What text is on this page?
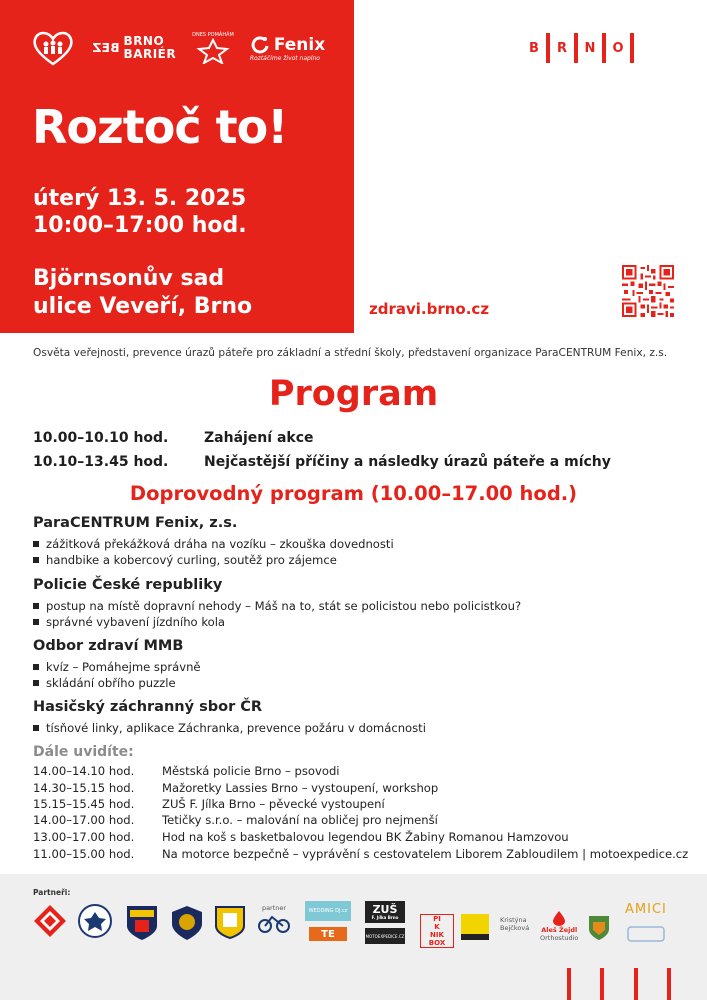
BEZ BRNO
BARIÉR
DNES POMÁHÁM Fenix
Roztáčíme život naplno
Roztoč to!
úterý 13. 5. 2025
10:00–17:00 hod.
Björnsonův sad
ulice Veveří, Brno
B	R	N	O
zdravi.brno.cz
Osvěta veřejnosti, prevence úrazů páteře pro základní a střední školy, představení organizace ParaCENTRUM Fenix, z.s.
Program
10.00–10.10 hod.	Zahájení akce
10.10–13.45 hod.	Nejčastější příčiny a následky úrazů páteře a míchy
Doprovodný program (10.00–17.00 hod.)
ParaCENTRUM Fenix, z.s.
zážitková překážková dráha na vozíku – zkouška dovednosti
handbike a kobercový curling, soutěž pro zájemce
Policie České republiky
postup na místě dopravní nehody – Máš na to, stát se policistou nebo policistkou?
správné vybavení jízdního kola
Odbor zdraví MMB
kvíz – Pomáhejme správně
skládání obřího puzzle
Hasičský záchranný sbor ČR
tísňové linky, aplikace Záchranka, prevence požáru v domácnosti
Dále uvidíte:
14.00–14.10 hod. Městská policie Brno – psovodi
14.30–15.15 hod. Mažoretky Lassies Brno – vystoupení, workshop
15.15–15.45 hod. ZUŠ F. Jílka Brno – pěvecké vystoupení
14.00–17.00 hod. Tetičky s.r.o. – malování na obličej pro nejmenší
13.00–17.00 hod. Hod na koš s basketbalovou legendou BK Žabiny Romanou Hamzovou
11.00–15.00 hod. Na motorce bezpečně – vyprávění s cestovatelem Liborem Zabloudilem | motoexpedice.cz
Partneři:
partner	WEDDING DJ.cz
TE
ZUŠ
F. Jílka Brno
MOTOEXPEDICE.CZ
PI
K
NIK
BOX
Kristýna
Bejčková Aleš Žejdl
Orthostudio
AMICI
